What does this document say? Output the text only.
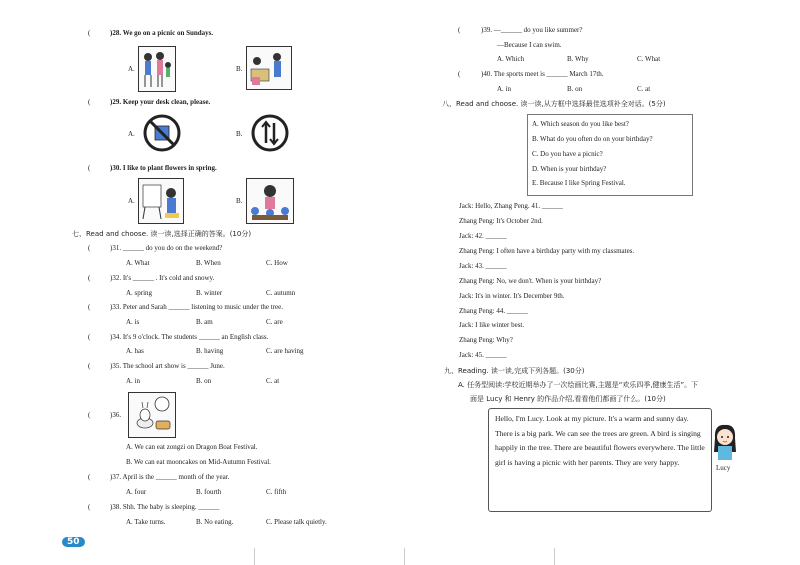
(	)28. We go on a picnic on Sundays.
A.	B.
(	)29. Keep your desk clean, please.
A.	B.
(	)30. I like to plant flowers in spring.
A.	B.
七、Read and choose. 读一读,选择正确的答案。(10分)
(	)31. ______ do you do on the weekend?
A. What	B. When	C. How
(	)32. It's ______ . It's cold and snowy.
A. spring	B. winter	C. autumn
(	)33. Peter and Sarah ______ listening to music under the tree.
A. is	B. am	C. are
(	)34. It's 9 o'clock. The students ______ an English class.
A. has	B. having	C. are having
(	)35. The school art show is ______ June.
A. in	B. on	C. at
(	)36.
A. We can eat zongzi on Dragon Boat Festival.
B. We can eat mooncakes on Mid-Autumn Festival.
(	)37. April is the ______ month of the year.
A. four	B. fourth	C. fifth
(	)38. Shh. The baby is sleeping. ______
A. Take turns.	B. No eating.	C. Please talk quietly.
50
(	)39. —______ do you like summer?
—Because I can swim.
A. Which	B. Why	C. What
(	)40. The sports meet is ______ March 17th.
A. in	B. on	C. at
八、Read and choose. 读一读,从方框中选择最佳选项补全对话。(5分)
A. Which season do you like best?
B. What do you often do on your birthday?
C. Do you have a picnic?
D. When is your birthday?
E. Because I like Spring Festival.
Jack: Hello, Zhang Peng. 41. ______
Zhang Peng: It's October 2nd.
Jack: 42. ______
Zhang Peng: I often have a birthday party with my classmates.
Jack: 43. ______
Zhang Peng: No, we don't. When is your birthday?
Jack: It's in winter. It's December 9th.
Zhang Peng: 44. ______
Jack: I like winter best.
Zhang Peng: Why?
Jack: 45. ______
九、Reading. 读一读,完成下列各题。(30分)
A. 任务型阅读:学校近期举办了一次绘画比赛,主题是“欢乐四季,健康生活”。下
面是 Lucy 和 Henry 的作品介绍,看看他们都画了什么。(10分)
Hello, I'm Lucy. Look at my picture. It's a warm and sunny day. There is a big park. We can see the trees are green. A bird is singing happily in the tree. There are beautiful flowers everywhere. The little girl is having a picnic with her parents. They are very happy.
Lucy
